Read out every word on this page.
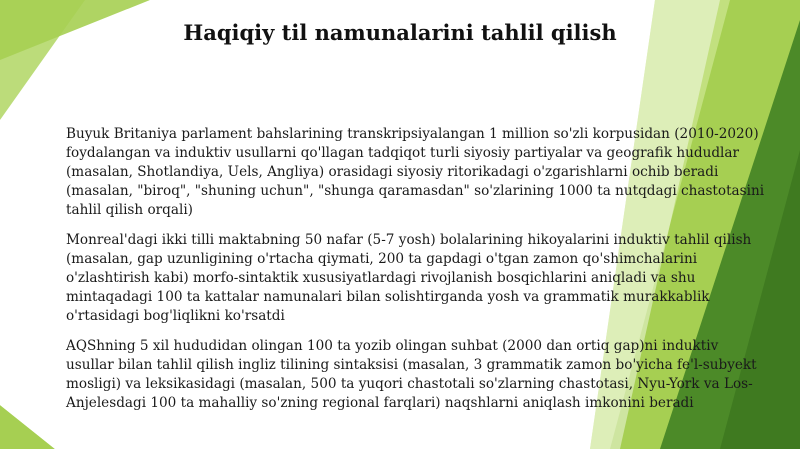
Haqiqiy til namunalarini tahlil qilish

Buyuk Britaniya parlament bahslarining transkripsiyalangan 1 million so'zli korpusidan (2010-2020) foydalangan va induktiv usullarni qo'llagan tadqiqot turli siyosiy partiyalar va geografik hududlar (masalan, Shotlandiya, Uels, Angliya) orasidagi siyosiy ritorikadagi o'zgarishlarni ochib beradi (masalan, "biroq", "shuning uchun", "shunga qaramasdan" so'zlarining 1000 ta nutqdagi chastotasini tahlil qilish orqali)

Monreal'dagi ikki tilli maktabning 50 nafar (5-7 yosh) bolalarining hikoyalarini induktiv tahlil qilish (masalan, gap uzunligining o'rtacha qiymati, 200 ta gapdagi o'tgan zamon qo'shimchalarini o'zlashtirish kabi) morfo-sintaktik xususiyatlardagi rivojlanish bosqichlarini aniqladi va shu mintaqadagi 100 ta kattalar namunalari bilan solishtirganda yosh va grammatik murakkablik o'rtasidagi bog'liqlikni ko'rsatdi

AQShning 5 xil hududidan olingan 100 ta yozib olingan suhbat (2000 dan ortiq gap)ni induktiv usullar bilan tahlil qilish ingliz tilining sintaksisi (masalan, 3 grammatik zamon bo'yicha fe'l-subyekt mosligi) va leksikasidagi (masalan, 500 ta yuqori chastotali so'zlarning chastotasi, Nyu-York va Los-Anjelesdagi 100 ta mahalliy so'zning regional farqlari) naqshlarni aniqlash imkonini beradi
